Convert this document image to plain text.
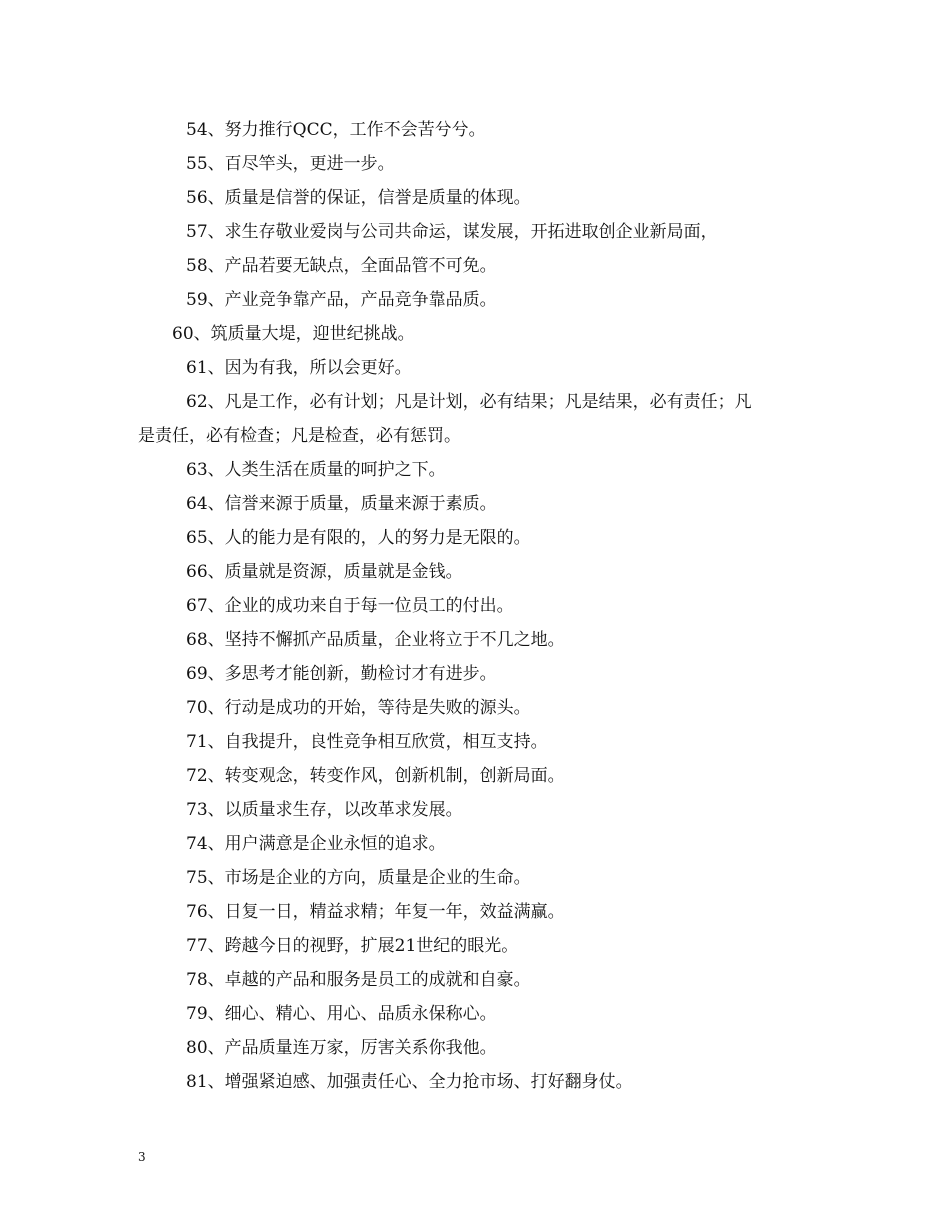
54、努力推行QCC，工作不会苦兮兮。
55、百尽竿头，更进一步。
56、质量是信誉的保证，信誉是质量的体现。
57、求生存敬业爱岗与公司共命运，谋发展，开拓进取创企业新局面，
58、产品若要无缺点，全面品管不可免。
59、产业竞争靠产品，产品竞争靠品质。
60、筑质量大堤，迎世纪挑战。
61、因为有我，所以会更好。
62、凡是工作，必有计划；凡是计划，必有结果；凡是结果，必有责任；凡
是责任，必有检查；凡是检查，必有惩罚。
63、人类生活在质量的呵护之下。
64、信誉来源于质量，质量来源于素质。
65、人的能力是有限的，人的努力是无限的。
66、质量就是资源，质量就是金钱。
67、企业的成功来自于每一位员工的付出。
68、坚持不懈抓产品质量，企业将立于不几之地。
69、多思考才能创新，勤检讨才有进步。
70、行动是成功的开始，等待是失败的源头。
71、自我提升，良性竞争相互欣赏，相互支持。
72、转变观念，转变作风，创新机制，创新局面。
73、以质量求生存，以改革求发展。
74、用户满意是企业永恒的追求。
75、市场是企业的方向，质量是企业的生命。
76、日复一日，精益求精；年复一年，效益满赢。
77、跨越今日的视野，扩展21世纪的眼光。
78、卓越的产品和服务是员工的成就和自豪。
79、细心、精心、用心、品质永保称心。
80、产品质量连万家，厉害关系你我他。
81、增强紧迫感、加强责任心、全力抢市场、打好翻身仗。
3
